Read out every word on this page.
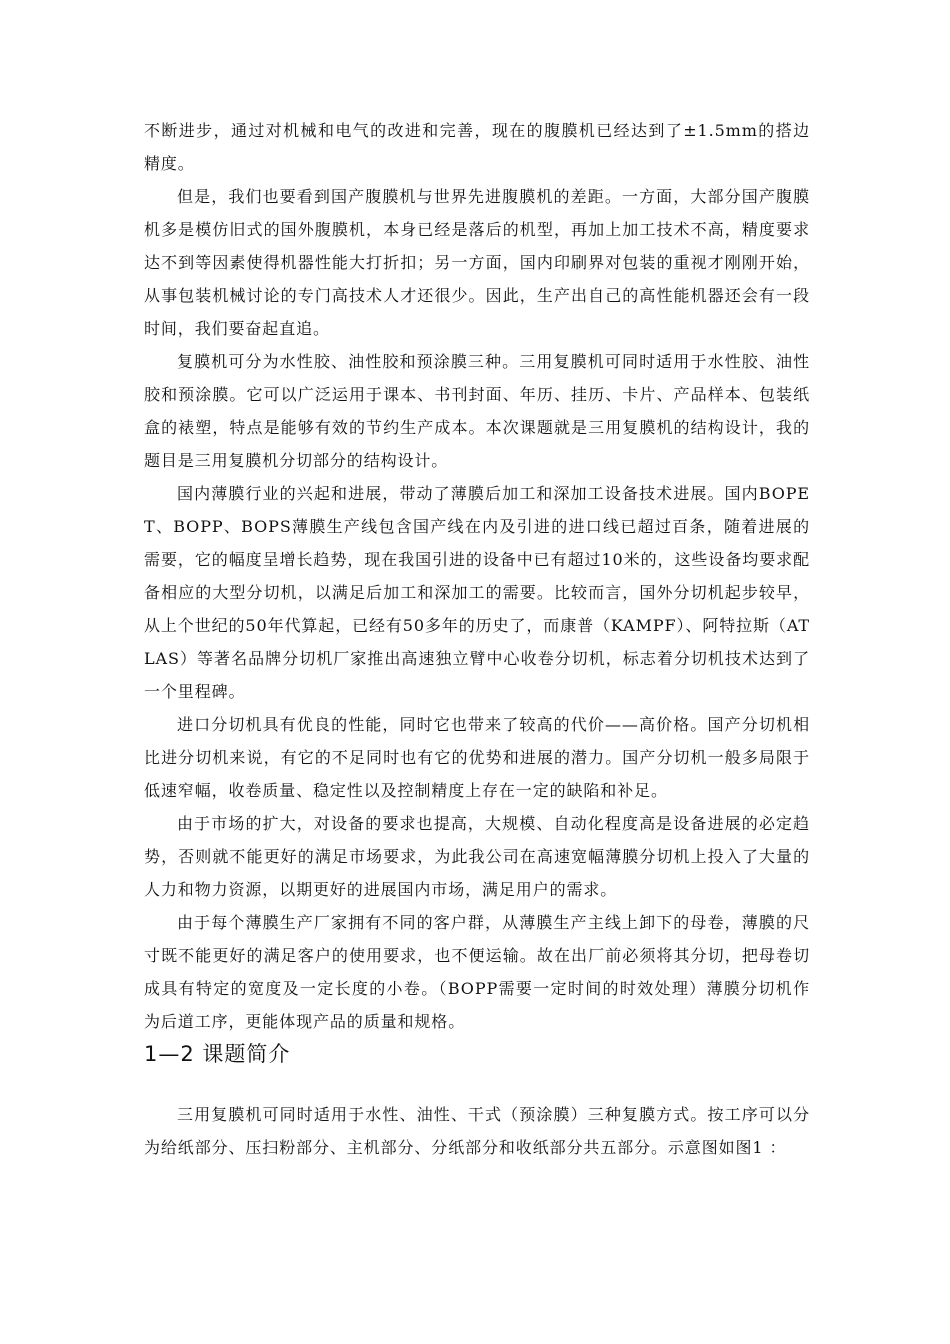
不断进步，通过对机械和电气的改进和完善，现在的腹膜机已经达到了±1.5mm的搭边精度。

但是，我们也要看到国产腹膜机与世界先进腹膜机的差距。一方面，大部分国产腹膜机多是模仿旧式的国外腹膜机，本身已经是落后的机型，再加上加工技术不高，精度要求达不到等因素使得机器性能大打折扣；另一方面，国内印刷界对包装的重视才刚刚开始，从事包装机械讨论的专门高技术人才还很少。因此，生产出自己的高性能机器还会有一段时间，我们要奋起直追。

复膜机可分为水性胶、油性胶和预涂膜三种。三用复膜机可同时适用于水性胶、油性胶和预涂膜。它可以广泛运用于课本、书刊封面、年历、挂历、卡片、产品样本、包装纸盒的裱塑，特点是能够有效的节约生产成本。本次课题就是三用复膜机的结构设计，我的题目是三用复膜机分切部分的结构设计。

国内薄膜行业的兴起和进展，带动了薄膜后加工和深加工设备技术进展。国内BOPET、BOPP、BOPS薄膜生产线包含国产线在内及引进的进口线已超过百条，随着进展的需要，它的幅度呈增长趋势，现在我国引进的设备中已有超过10米的，这些设备均要求配备相应的大型分切机，以满足后加工和深加工的需要。比较而言，国外分切机起步较早，从上个世纪的50年代算起，已经有50多年的历史了，而康普（KAMPF）、阿特拉斯（ATLAS）等著名品牌分切机厂家推出高速独立臂中心收卷分切机，标志着分切机技术达到了一个里程碑。

进口分切机具有优良的性能，同时它也带来了较高的代价——高价格。国产分切机相比进分切机来说，有它的不足同时也有它的优势和进展的潜力。国产分切机一般多局限于低速窄幅，收卷质量、稳定性以及控制精度上存在一定的缺陷和补足。

由于市场的扩大，对设备的要求也提高，大规模、自动化程度高是设备进展的必定趋势，否则就不能更好的满足市场要求，为此我公司在高速宽幅薄膜分切机上投入了大量的人力和物力资源，以期更好的进展国内市场，满足用户的需求。

由于每个薄膜生产厂家拥有不同的客户群，从薄膜生产主线上卸下的母卷，薄膜的尺寸既不能更好的满足客户的使用要求，也不便运输。故在出厂前必须将其分切，把母卷切成具有特定的宽度及一定长度的小卷。（BOPP需要一定时间的时效处理）薄膜分切机作为后道工序，更能体现产品的质量和规格。

1—2 课题简介

三用复膜机可同时适用于水性、油性、干式（预涂膜）三种复膜方式。按工序可以分为给纸部分、压扫粉部分、主机部分、分纸部分和收纸部分共五部分。示意图如图1 ：
